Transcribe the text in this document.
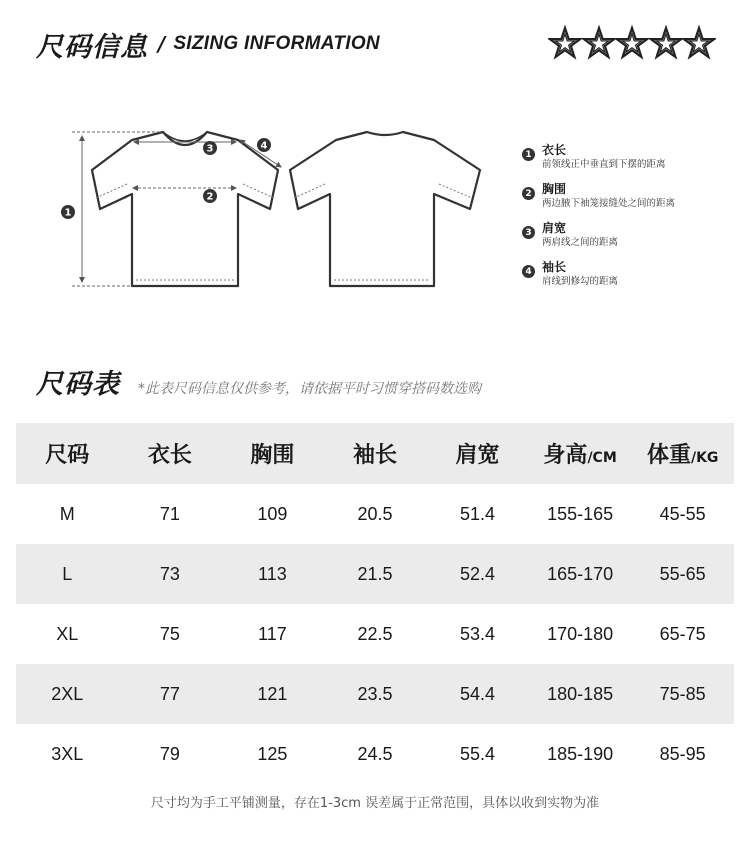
尺码信息 / SIZING INFORMATION
1
2
3	4
1 衣长
前领线正中垂直到下摆的距离
2 胸围
两边腋下袖笼接缝处之间的距离
3 肩宽
两肩线之间的距离
4 袖长
肩线到修勾的距离
尺码表 *此表尺码信息仅供参考，请依据平时习惯穿搭码数选购
尺码	衣长	胸围	袖长	肩宽	身高/CM	体重/KG
M	71	109	20.5	51.4	155-165	45-55
L	73	113	21.5	52.4	165-170	55-65
XL	75	117	22.5	53.4	170-180	65-75
2XL	77	121	23.5	54.4	180-185	75-85
3XL	79	125	24.5	55.4	185-190	85-95
尺寸均为手工平铺测量，存在1-3cm 误差属于正常范围，具体以收到实物为准
